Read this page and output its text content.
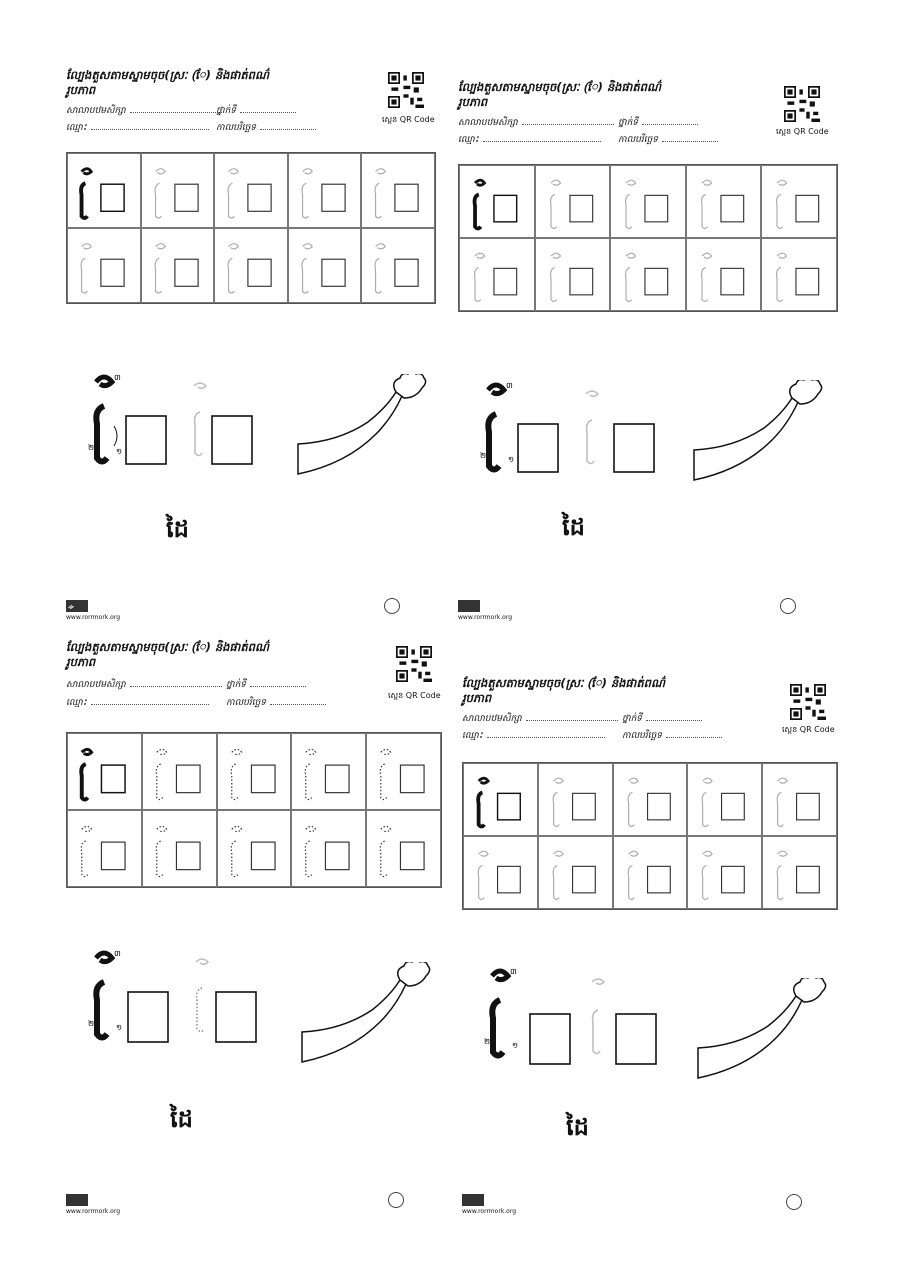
ល្បែងតួសតាមស្នាមចុច(ស្រៈ (ែ) និងផាត់ពណ៌រូបភាព
សាលាបឋមសិក្សា	ថ្នាក់ទី
ឈ្មោះ	កាលបរិច្ឆេទ
ស្កេន QR Code
២	១
៣
ដៃ
ᨀ
www.rorrmork.org
ល្បែងតួសតាមស្នាមចុច(ស្រៈ (ែ) និងផាត់ពណ៌រូបភាព
សាលាបឋមសិក្សា	ថ្នាក់ទី
ឈ្មោះ	កាលបរិច្ឆេទ
ស្កេន QR Code
២	១
៣
ដៃ
www.rorrmork.org
ល្បែងតួសតាមស្នាមចុច(ស្រៈ (ែ) និងផាត់ពណ៌រូបភាព
សាលាបឋមសិក្សា	ថ្នាក់ទី
ឈ្មោះ	កាលបរិច្ឆេទ
ស្កេន QR Code
២	១
៣
ដៃ
www.rorrmork.org
ល្បែងតួសតាមស្នាមចុច(ស្រៈ (ែ) និងផាត់ពណ៌រូបភាព
សាលាបឋមសិក្សា	ថ្នាក់ទី
ឈ្មោះ	កាលបរិច្ឆេទ
ស្កេន QR Code
២	១
៣
ដៃ
www.rorrmork.org
